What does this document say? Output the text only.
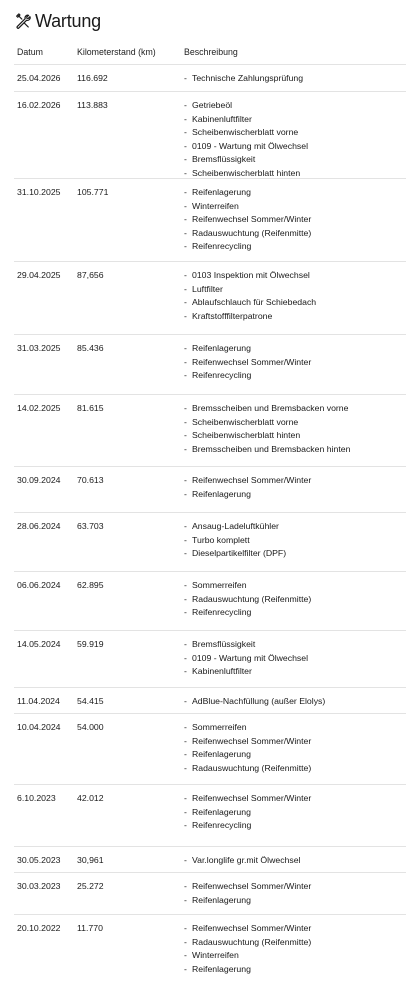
Wartung
Datum	Kilometerstand (km)	Beschreibung
25.04.2026	116.692	- Technische Zahlungsprüfung
16.02.2026	113.883	- Getriebeöl
- Kabinenluftfilter
- Scheibenwischerblatt vorne
- 0109 - Wartung mit Ölwechsel
- Bremsflüssigkeit
- Scheibenwischerblatt hinten
31.10.2025	105.771	- Reifenlagerung
- Winterreifen
- Reifenwechsel Sommer/Winter
- Radauswuchtung (Reifenmitte)
- Reifenrecycling
29.04.2025	87,656	- 0103 Inspektion mit Ölwechsel
- Luftfilter
- Ablaufschlauch für Schiebedach
- Kraftstofffilterpatrone
31.03.2025	85.436	- Reifenlagerung
- Reifenwechsel Sommer/Winter
- Reifenrecycling
14.02.2025	81.615	- Bremsscheiben und Bremsbacken vorne
- Scheibenwischerblatt vorne
- Scheibenwischerblatt hinten
- Bremsscheiben und Bremsbacken hinten
30.09.2024	70.613	- Reifenwechsel Sommer/Winter
- Reifenlagerung
28.06.2024	63.703	- Ansaug-Ladeluftkühler
- Turbo komplett
- Dieselpartikelfilter (DPF)
06.06.2024	62.895	- Sommerreifen
- Radauswuchtung (Reifenmitte)
- Reifenrecycling
14.05.2024	59.919	- Bremsflüssigkeit
- 0109 - Wartung mit Ölwechsel
- Kabinenluftfilter
11.04.2024	54.415	- AdBlue-Nachfüllung (außer Elolys)
10.04.2024	54.000	- Sommerreifen
- Reifenwechsel Sommer/Winter
- Reifenlagerung
- Radauswuchtung (Reifenmitte)
6.10.2023	42.012	- Reifenwechsel Sommer/Winter
- Reifenlagerung
- Reifenrecycling
30.05.2023	30,961	- Var.longlife gr.mit Ölwechsel
30.03.2023	25.272	- Reifenwechsel Sommer/Winter
- Reifenlagerung
20.10.2022	11.770	- Reifenwechsel Sommer/Winter
- Radauswuchtung (Reifenmitte)
- Winterreifen
- Reifenlagerung
